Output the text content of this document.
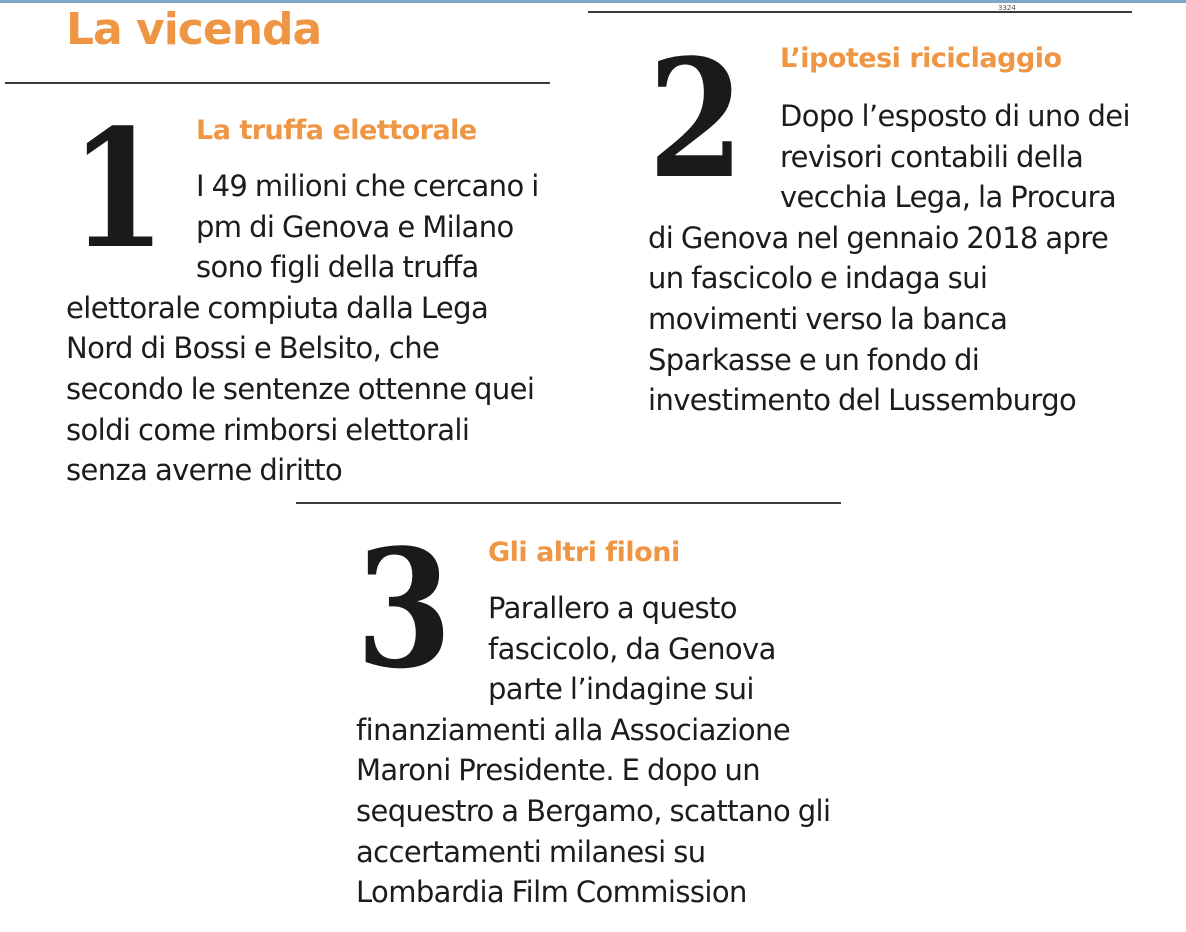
3324
La vicenda
1	La truffa elettorale

I 49 milioni che cercano i pm di Genova e Milano sono figli della truffa elettorale compiuta dalla Lega Nord di Bossi e Belsito, che secondo le sentenze ottenne quei soldi come rimborsi elettorali senza averne diritto

2	L’ipotesi riciclaggio

Dopo l’esposto di uno dei revisori contabili della vecchia Lega, la Procura di Genova nel gennaio 2018 apre un fascicolo e indaga sui movimenti verso la banca Sparkasse e un fondo di investimento del Lussemburgo

3	Gli altri filoni

Parallero a questo fascicolo, da Genova parte l’indagine sui finanziamenti alla Associazione Maroni Presidente. E dopo un sequestro a Bergamo, scattano gli accertamenti milanesi su Lombardia Film Commission
